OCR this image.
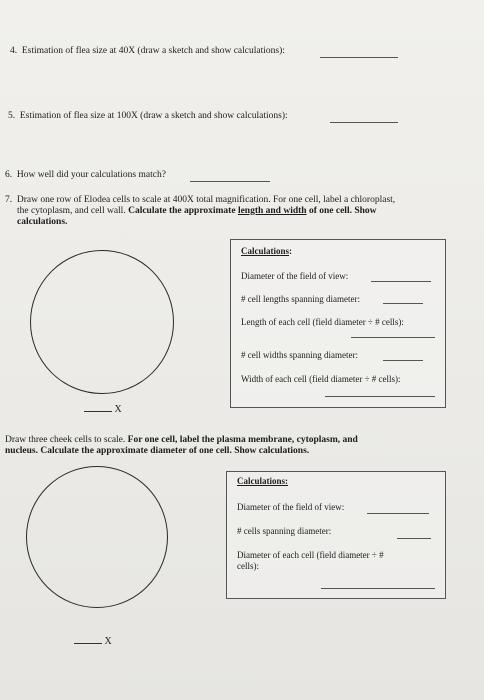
4. Estimation of flea size at 40X (draw a sketch and show calculations):
5. Estimation of flea size at 100X (draw a sketch and show calculations):
6. How well did your calculations match?
7. Draw one row of Elodea cells to scale at 400X total magnification. For one cell, label a chloroplast,
the cytoplasm, and cell wall. Calculate the approximate length and width of one cell. Show
calculations.
X
Calculations:
Diameter of the field of view:
# cell lengths spanning diameter:
Length of each cell (field diameter ÷ # cells):
# cell widths spanning diameter:
Width of each cell (field diameter ÷ # cells):
Draw three cheek cells to scale. For one cell, label the plasma membrane, cytoplasm, and
nucleus. Calculate the approximate diameter of one cell. Show calculations.
X
Calculations:
Diameter of the field of view:
# cells spanning diameter:
Diameter of each cell (field diameter ÷ #
cells):
